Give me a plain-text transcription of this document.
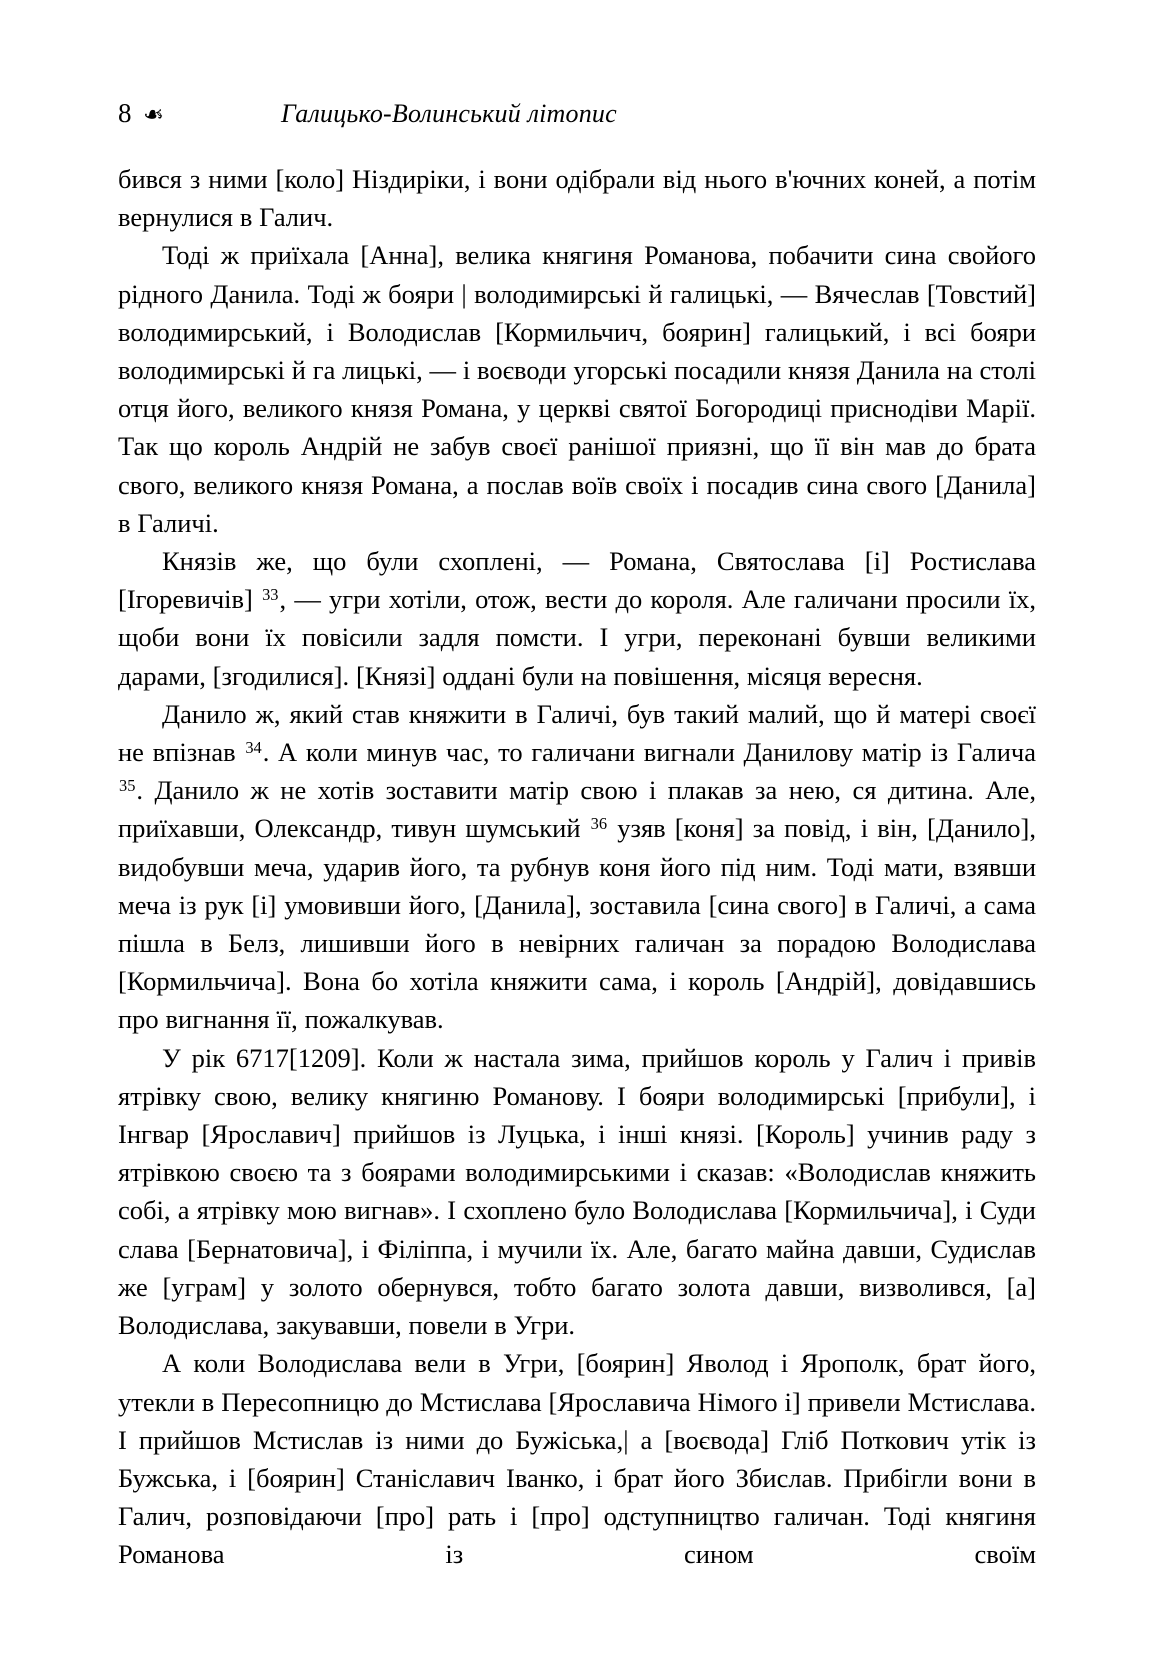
8 ❧	Галицько-Волинський літопис

бився з ними [коло] Ніздиріки, і вони одібрали від нього в'ючних коней, а потім вернулися в Галич.

Тоді ж приїхала [Анна], велика княгиня Романова, побачити сина свойого рідного Данила. Тоді ж бояри | володимирські й галицькі, — Вячеслав [Товстий] володимирський, і Володислав [Кормильчич, боярин] галицький, і всі бояри володимирські й га лицькі, — і воєводи угорські посадили князя Данила на столі отця його, великого князя Романа, у церкві святої Богородиці приснодіви Марії. Так що король Андрій не забув своєї ранішої приязні, що її він мав до брата свого, великого князя Романа, а послав воїв своїх і посадив сина свого [Данила] в Галичі.

Князів же, що були схоплені, — Романа, Святослава [і] Ростислава [Ігоревичів] $^{33}$, — угри хотіли, отож, вести до короля. Але галичани просили їх, щоби вони їх повісили задля помсти. І угри, переконані бувши великими дарами, [згодилися]. [Князі] оддані були на повішення, місяця вересня.

Данило ж, який став княжити в Галичі, був такий малий, що й матері своєї не впізнав $^{34}$. А коли минув час, то галичани вигнали Данилову матір із Галича $^{35}$. Данило ж не хотів зоставити матір свою і плакав за нею, ся дитина. Але, приїхавши, Олександр, тивун шумський $^{36}$ узяв [коня] за повід, і він, [Данило], видобувши меча, ударив його, та рубнув коня його під ним. Тоді мати, взявши меча із рук [і] умовивши його, [Данила], зоставила [сина свого] в Галичі, а сама пішла в Белз, лишивши його в невірних галичан за порадою Володислава [Кормильчича]. Вона бо хотіла княжити сама, і король [Андрій], довідавшись про вигнання її, пожалкував.

У рік 6717[1209]. Коли ж настала зима, прийшов король у Галич і привів ятрівку свою, велику княгиню Романову. І бояри володимирські [прибули], і Інгвар [Ярославич] прийшов із Луцька, і інші князі. [Король] учинив раду з ятрівкою своєю та з боярами володимирськими і сказав: «Володислав княжить собі, а ятрівку мою вигнав». І схоплено було Володислава [Кормильчича], і Суди слава [Бернатовича], і Філіппа, і мучили їх. Але, багато майна давши, Судислав же [уграм] у золото обернувся, тобто багато золота давши, визволився, [а] Володислава, закувавши, повели в Угри.

А коли Володислава вели в Угри, [боярин] Яволод і Ярополк, брат його, утекли в Пересопницю до Мстислава [Ярославича Німого і] привели Мстислава. І прийшов Мстислав із ними до Бужіська,| а [воєвода] Гліб Поткович утік із Бужська, і [боярин] Станіславич Іванко, і брат його Збислав. Прибігли вони в Галич, розповідаючи [про] рать і [про] одступництво галичан. Тоді княгиня Романова із сином своїм
